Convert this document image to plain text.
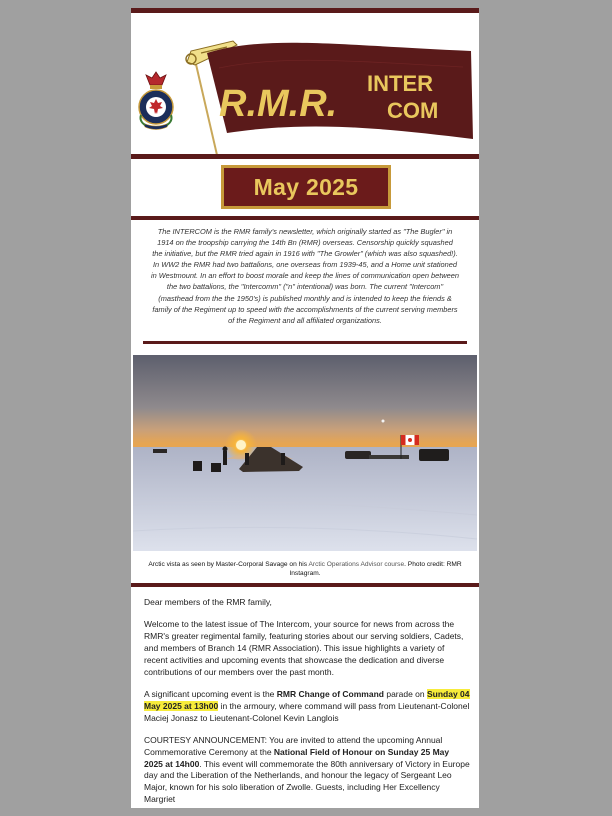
R.M.R. INTER
COM
May 2025
The INTERCOM is the RMR family's newsletter, which originally started as "The Bugler" in 1914 on the troopship carrying the 14th Bn (RMR) overseas. Censorship quickly squashed the initiative, but the RMR tried again in 1916 with "The Growler" (which was also squashed!). In WW2 the RMR had two battalions, one overseas from 1939-45, and a Home unit stationed in Westmount. In an effort to boost morale and keep the lines of communication open between the two battalions, the "Intercomm" ("n" intentional) was born. The current "Intercom" (masthead from the the 1950's) is published monthly and is intended to keep the friends & family of the Regiment up to speed with the accomplishments of the current serving members of the Regiment and all affiliated organizations.
Arctic vista as seen by Master-Corporal Savage on his Arctic Operations Advisor course. Photo credit: RMR Instagram.

Dear members of the RMR family,

Welcome to the latest issue of The Intercom, your source for news from across the RMR's greater regimental family, featuring stories about our serving soldiers, Cadets, and members of Branch 14 (RMR Association). This issue highlights a variety of recent activities and upcoming events that showcase the dedication and diverse contributions of our members over the past month.

A significant upcoming event is the RMR Change of Command parade on Sunday 04 May 2025 at 13h00 in the armoury, where command will pass from Lieutenant-Colonel Maciej Jonasz to Lieutenant-Colonel Kevin Langlois

COURTESY ANNOUNCEMENT: You are invited to attend the upcoming Annual Commemorative Ceremony at the National Field of Honour on Sunday 25 May 2025 at 14h00. This event will commemorate the 80th anniversary of Victory in Europe day and the Liberation of the Netherlands, and honour the legacy of Sergeant Leo Major, known for his solo liberation of Zwolle. Guests, including Her Excellency Margriet
